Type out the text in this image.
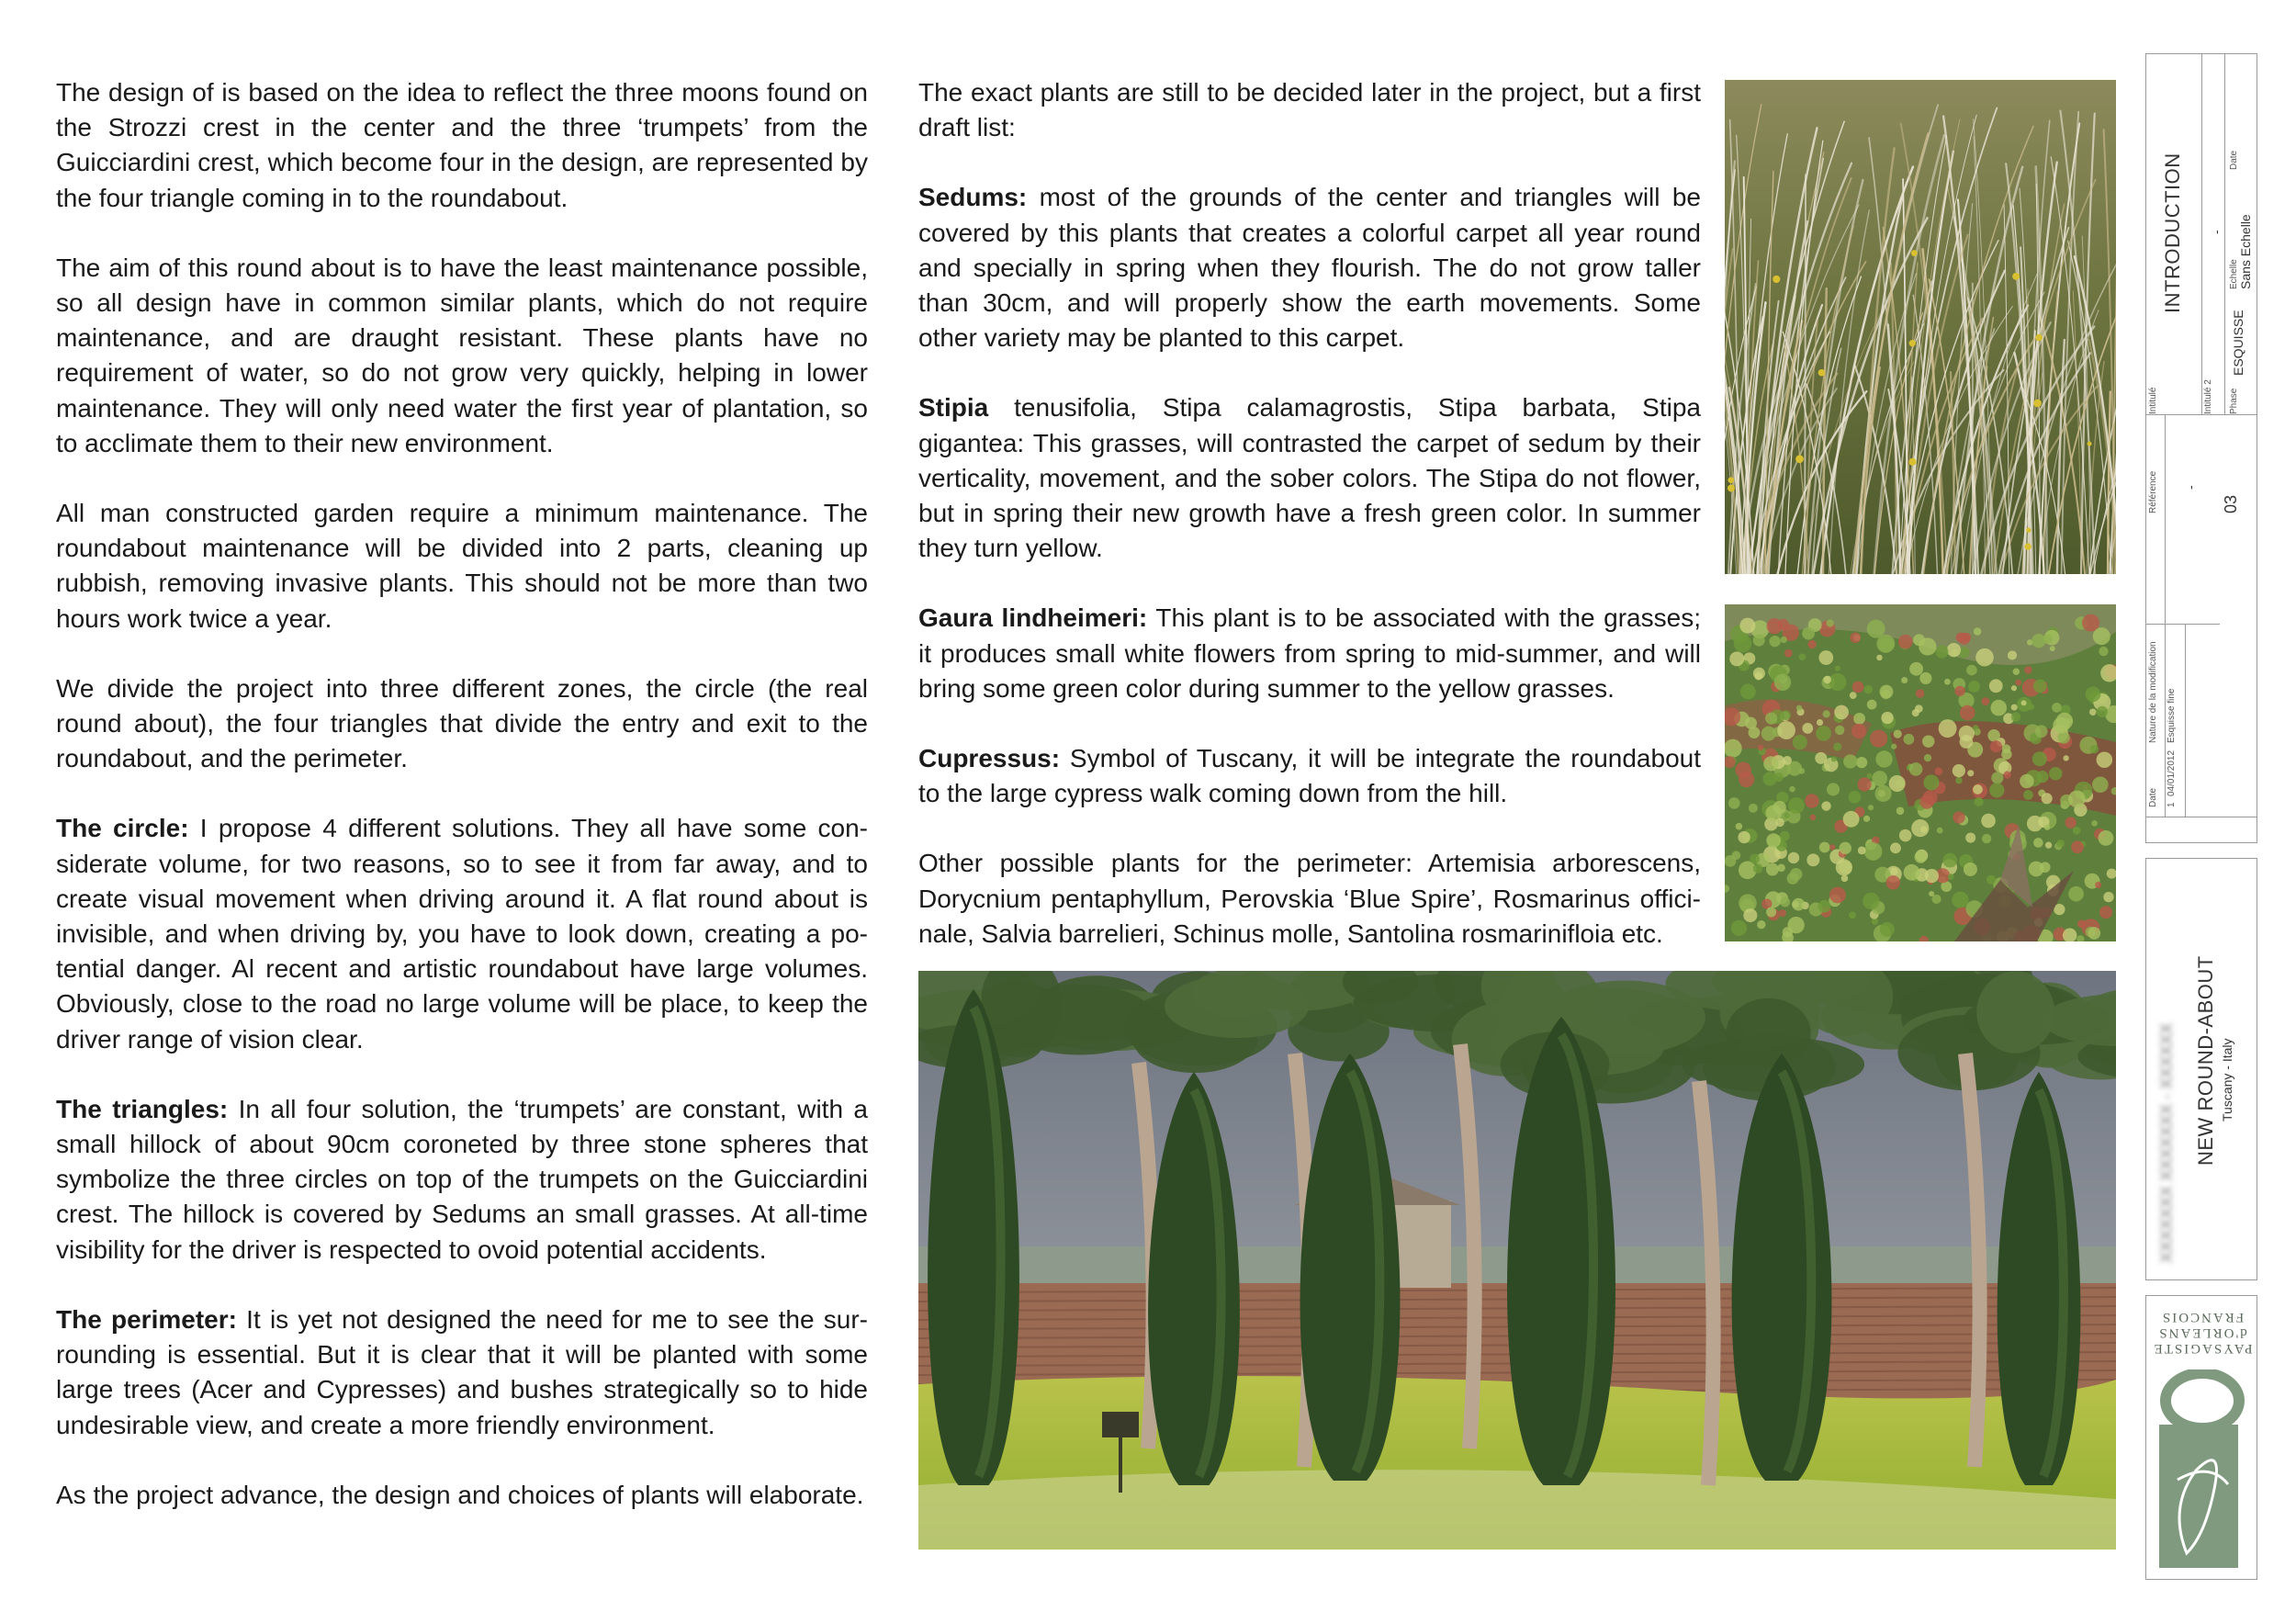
The design of is based on the idea to reflect the three moons found on the Strozzi crest in the center and the three ‘trumpets’ from the Guicciardini crest, which become four in the design, are represented by the four triangle coming in to the roundabout.

The aim of this round about is to have the least maintenance possible, so all design have in common similar plants, which do not require maintenance, and are draught resistant. These plants have no requirement of water, so do not grow very quickly, helping in lower maintenance. They will only need water the first year of plantation, so to acclimate them to their new environment.

All man constructed garden require a minimum maintenance. The roundabout maintenance will be divided into 2 parts, cleaning up rubbish, removing invasive plants. This should not be more than two hours work twice a year.

We divide the project into three different zones, the circle (the real round about), the four triangles that divide the entry and exit to the roundabout, and the perimeter.

The circle: I propose 4 different solutions. They all have some considerate volume, for two reasons, so to see it from far away, and to create visual movement when driving around it. A flat round about is invisible, and when driving by, you have to look down, creating a potential danger. Al recent and artistic roundabout have large volumes. Obviously, close to the road no large volume will be place, to keep the driver range of vision clear.

The triangles: In all four solution, the ‘trumpets’ are constant, with a small hillock of about 90cm coroneted by three stone spheres that symbolize the three circles on top of the trumpets on the Guicciardini crest. The hillock is covered by Sedums an small grasses. At all-time visibility for the driver is respected to ovoid potential accidents.

The perimeter: It is yet not designed the need for me to see the surrounding is essential. But it is clear that it will be planted with some large trees (Acer and Cypresses) and bushes strategically so to hide undesirable view, and create a more friendly environment.

As the project advance, the design and choices of plants will elaborate.

The exact plants are still to be decided later in the project, but a first draft list:

Sedums: most of the grounds of the center and triangles will be covered by this plants that creates a colorful carpet all year round and specially in spring when they flourish. The do not grow taller than 30cm, and will properly show the earth movements. Some other variety may be planted to this carpet.

Stipia tenusifolia, Stipa calamagrostis, Stipa barbata, Stipa gigantea: This grasses, will contrasted the carpet of sedum by their verticality, movement, and the sober colors. The Stipa do not flower, but in spring their new growth have a fresh green color. In summer they turn yellow.

Gaura lindheimeri: This plant is to be associated with the grasses; it produces small white flowers from spring to mid-summer, and will bring some green color during summer to the yellow grasses.

Cupressus: Symbol of Tuscany, it will be integrate the roundabout to the large cypress walk coming down from the hill.

Other possible plants for the perimeter: Artemisia arborescens, Dorycnium pentaphyllum, Perovskia ‘Blue Spire’, Rosmarinus officinale, Salvia barrelieri, Schinus molle, Santolina rosmarinifloia etc.

INTRODUCTION
Intitulé	Intitulé 2
-
Phase
ESQUISSE
Echelle Sans Echelle
Date
Référence -
03
Date 1
04/01/2012
Nature de la modification Esquisse fine
XXXXXXX XXXXXXX - XXXXXX NEW ROUND-ABOUT Tuscany - Italy
PAYSAGISTE
d'ORLEANS
FRANCOIS
